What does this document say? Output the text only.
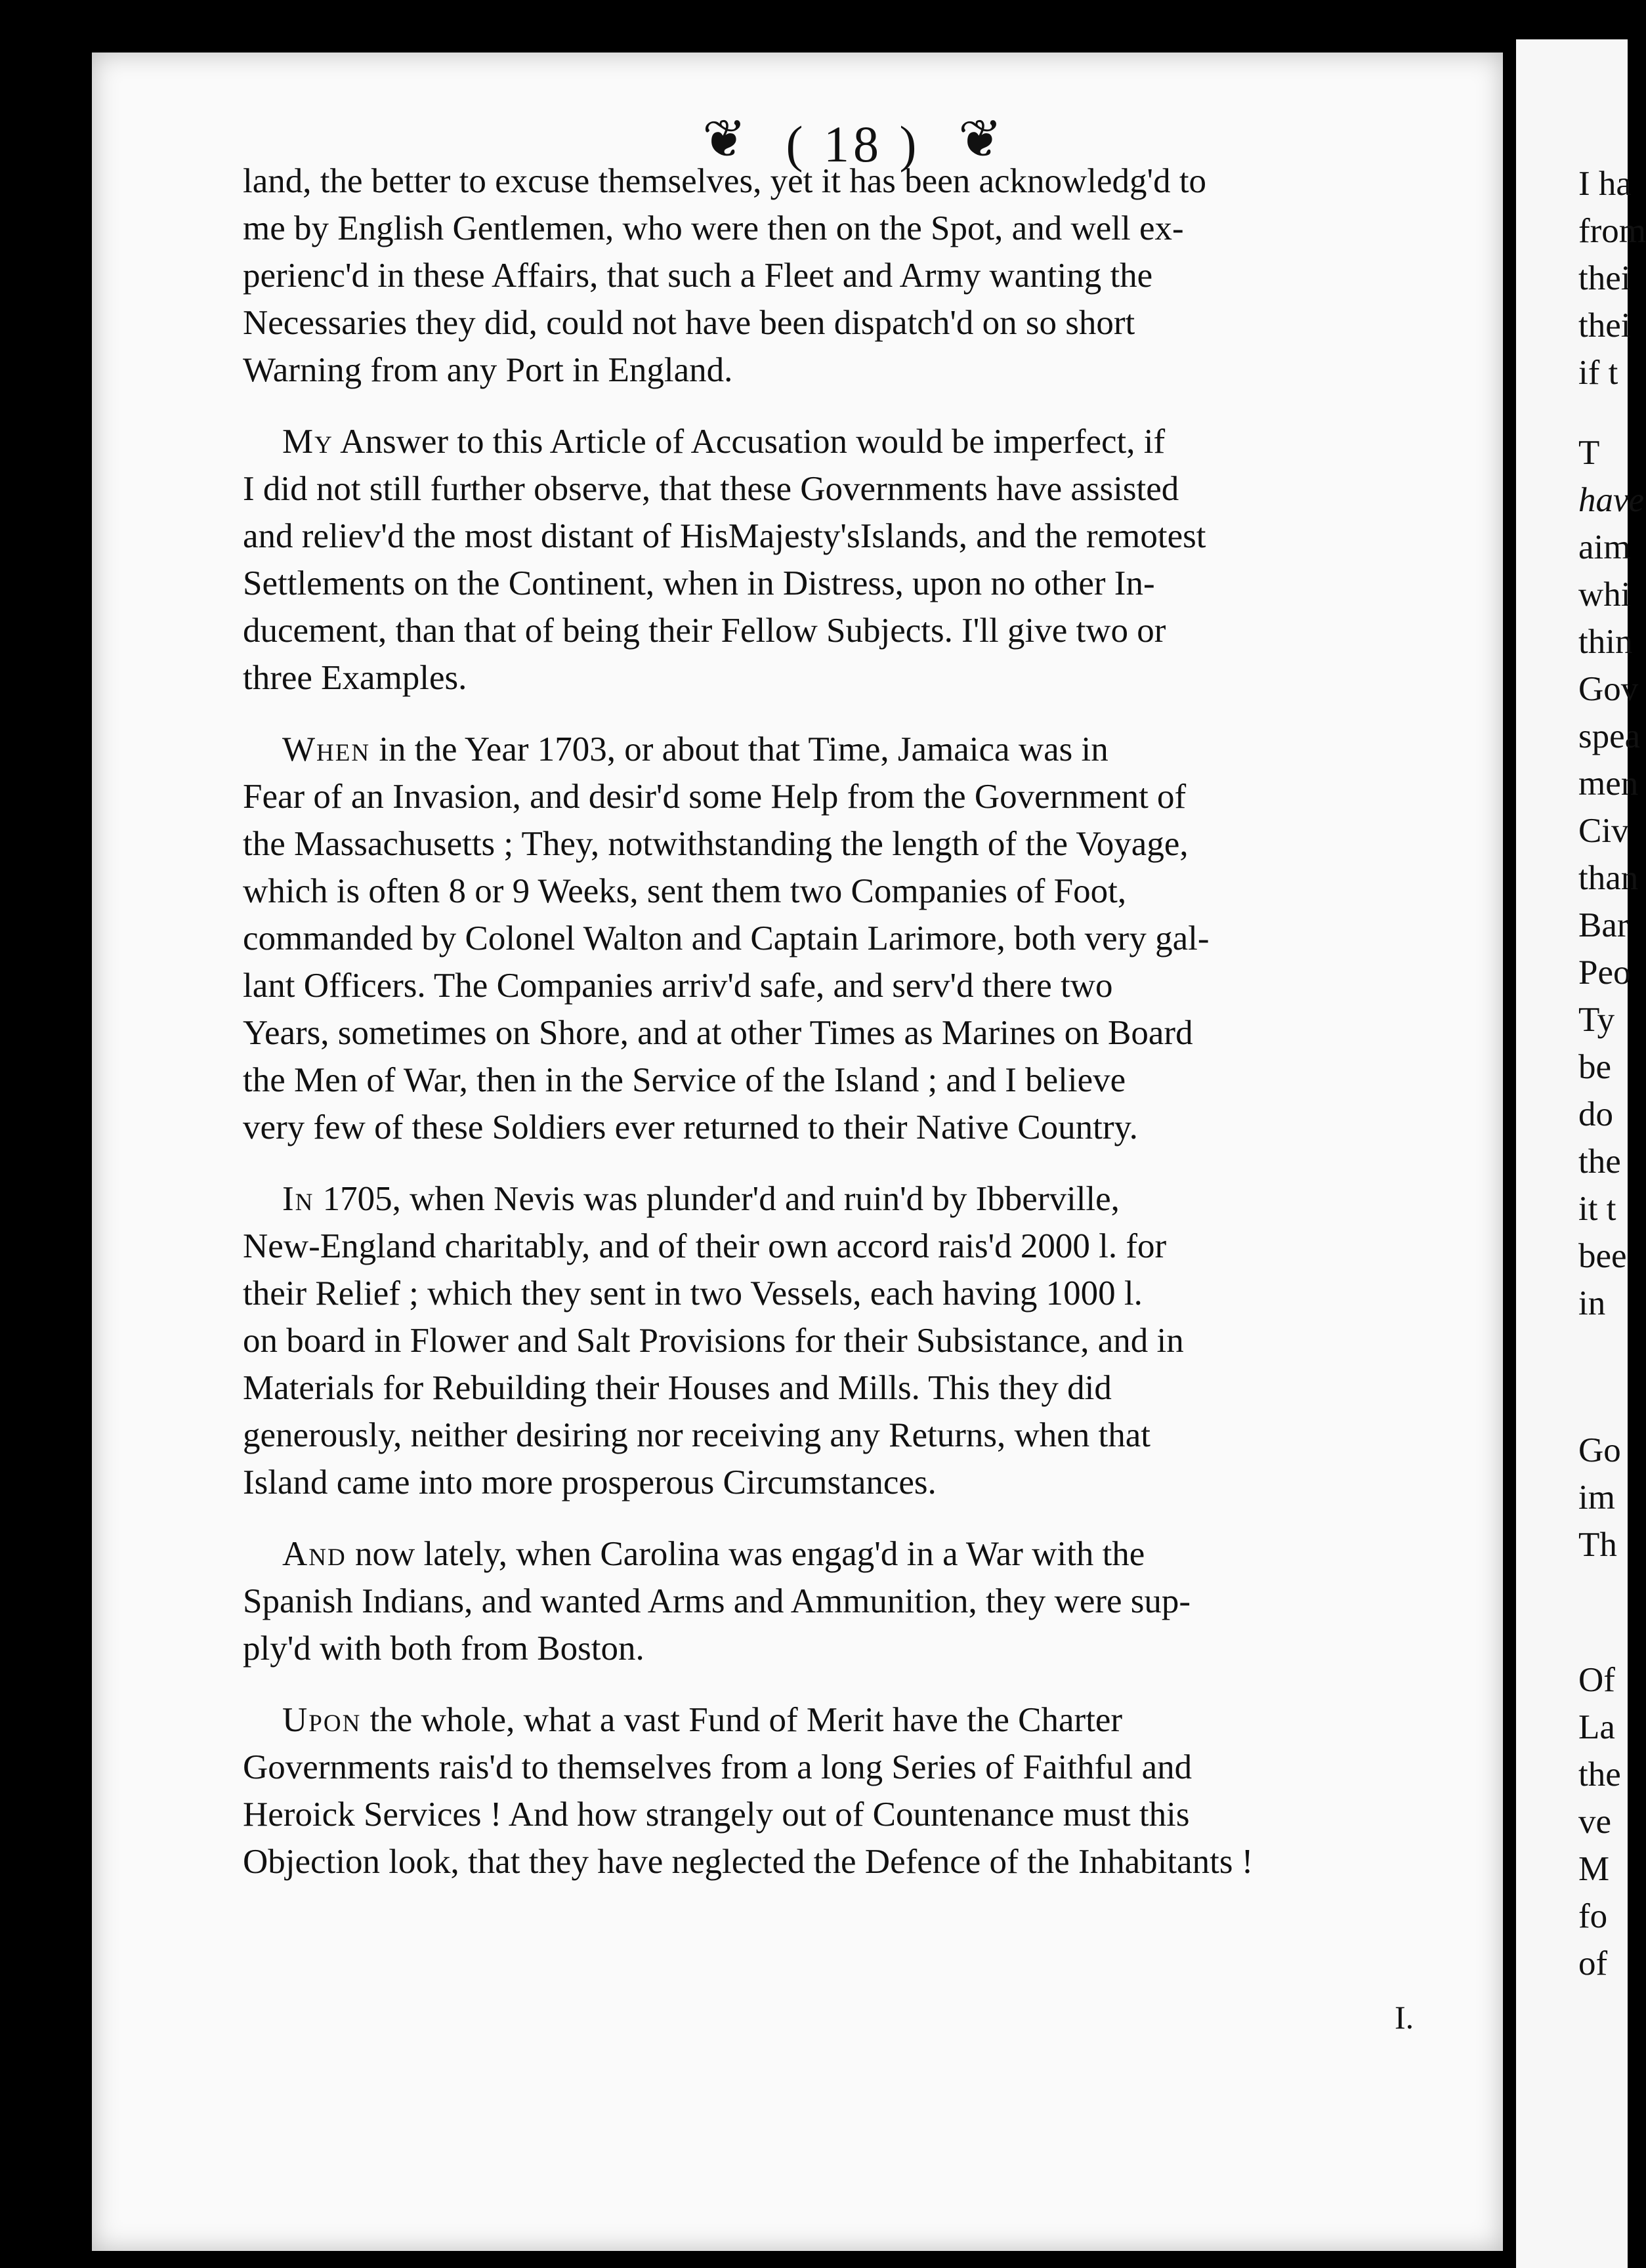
❦ ( 18 ) ❦

land, the better to excuse themselves, yet it has been acknowledg'd to
me by English Gentlemen, who were then on the Spot, and well ex-
perienc'd in these Affairs, that such a Fleet and Army wanting the
Necessaries they did, could not have been dispatch'd on so short
Warning from any Port in England.

My Answer to this Article of Accusation would be imperfect, if
I did not still further observe, that these Governments have assisted
and reliev'd the most distant of HisMajesty'sIslands, and the remotest
Settlements on the Continent, when in Distress, upon no other In-
ducement, than that of being their Fellow Subjects. I'll give two or
three Examples.

When in the Year 1703, or about that Time, Jamaica was in
Fear of an Invasion, and desir'd some Help from the Government of
the Massachusetts ; They, notwithstanding the length of the Voyage,
which is often 8 or 9 Weeks, sent them two Companies of Foot,
commanded by Colonel Walton and Captain Larimore, both very gal-
lant Officers. The Companies arriv'd safe, and serv'd there two
Years, sometimes on Shore, and at other Times as Marines on Board
the Men of War, then in the Service of the Island ; and I believe
very few of these Soldiers ever returned to their Native Country.

In 1705, when Nevis was plunder'd and ruin'd by Ibberville,
New-England charitably, and of their own accord rais'd 2000 l. for
their Relief ; which they sent in two Vessels, each having 1000 l.
on board in Flower and Salt Provisions for their Subsistance, and in
Materials for Rebuilding their Houses and Mills. This they did
generously, neither desiring nor receiving any Returns, when that
Island came into more prosperous Circumstances.

And now lately, when Carolina was engag'd in a War with the
Spanish Indians, and wanted Arms and Ammunition, they were sup-
ply'd with both from Boston.

Upon the whole, what a vast Fund of Merit have the Charter
Governments rais'd to themselves from a long Series of Faithful and
Heroick Services ! And how strangely out of Countenance must this
Objection look, that they have neglected the Defence of the Inhabitants !

I.
I ha
from
thei
thei
if t
T
have
aim
whi
thin
Gov
spea
men
Civ
than
Bar
Peo
Ty
be
do
the
it t
bee
in
Go
im
Th
Of
La
the
ve
M
fo
of
